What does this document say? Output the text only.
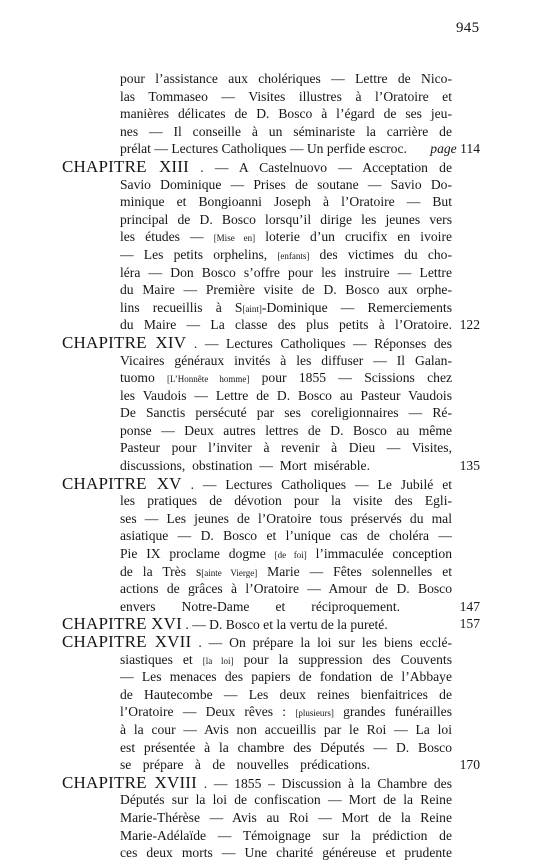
945
pour l’assistance aux cholériques — Lettre de Nico-
las Tommaseo — Visites illustres à l’Oratoire et
manières délicates de D. Bosco à l’égard de ses jeu-
nes — Il conseille à un séminariste la carrière de
prélat — Lectures Catholiques — Un perfide escroc. page 114
CHAPITRE XIII . — A Castelnuovo — Acceptation de
Savio Dominique — Prises de soutane — Savio Do-
minique et Bongioanni Joseph à l’Oratoire — But
principal de D. Bosco lorsqu’il dirige les jeunes vers
les études — [Mise en] loterie d’un crucifix en ivoire
— Les petits orphelins, [enfants] des victimes du cho-
léra — Don Bosco s’offre pour les instruire — Lettre
du Maire — Première visite de D. Bosco aux orphe-
lins recueillis à S[aint]-Dominique — Remerciements
du Maire — La classe des plus petits à l’Oratoire. 122
CHAPITRE XIV . — Lectures Catholiques — Réponses des
Vicaires généraux invités à les diffuser — Il Galan-
tuomo [L’Honnête homme] pour 1855 — Scissions chez
les Vaudois — Lettre de D. Bosco au Pasteur Vaudois
De Sanctis persécuté par ses coreligionnaires — Ré-
ponse — Deux autres lettres de D. Bosco au même
Pasteur pour l’inviter à revenir à Dieu — Visites,
discussions, obstination — Mort misérable.	135
CHAPITRE XV . — Lectures Catholiques — Le Jubilé et
les pratiques de dévotion pour la visite des Egli-
ses — Les jeunes de l’Oratoire tous préservés du mal
asiatique — D. Bosco et l’unique cas de choléra —
Pie IX proclame dogme [de foi] l’immaculée conception
de la Très s[ainte Vierge] Marie — Fêtes solennelles et
actions de grâces à l’Oratoire — Amour de D. Bosco
envers Notre-Dame et réciproquement.	147
CHAPITRE XVI . — D. Bosco et la vertu de la pureté.	157
CHAPITRE XVII . — On prépare la loi sur les biens ecclé-
siastiques et [la loi] pour la suppression des Couvents
— Les menaces des papiers de fondation de l’Abbaye
de Hautecombe — Les deux reines bienfaitrices de
l’Oratoire — Deux rêves : [plusieurs] grandes funérailles
à la cour — Avis non accueillis par le Roi — La loi
est présentée à la chambre des Députés — D. Bosco
se prépare à de nouvelles prédications.	170
CHAPITRE XVIII . — 1855 – Discussion à la Chambre des
Députés sur la loi de confiscation — Mort de la Reine
Marie-Thérèse — Avis au Roi — Mort de la Reine
Marie-Adélaïde — Témoignage sur la prédiction de
ces deux morts — Une charité généreuse et prudente
